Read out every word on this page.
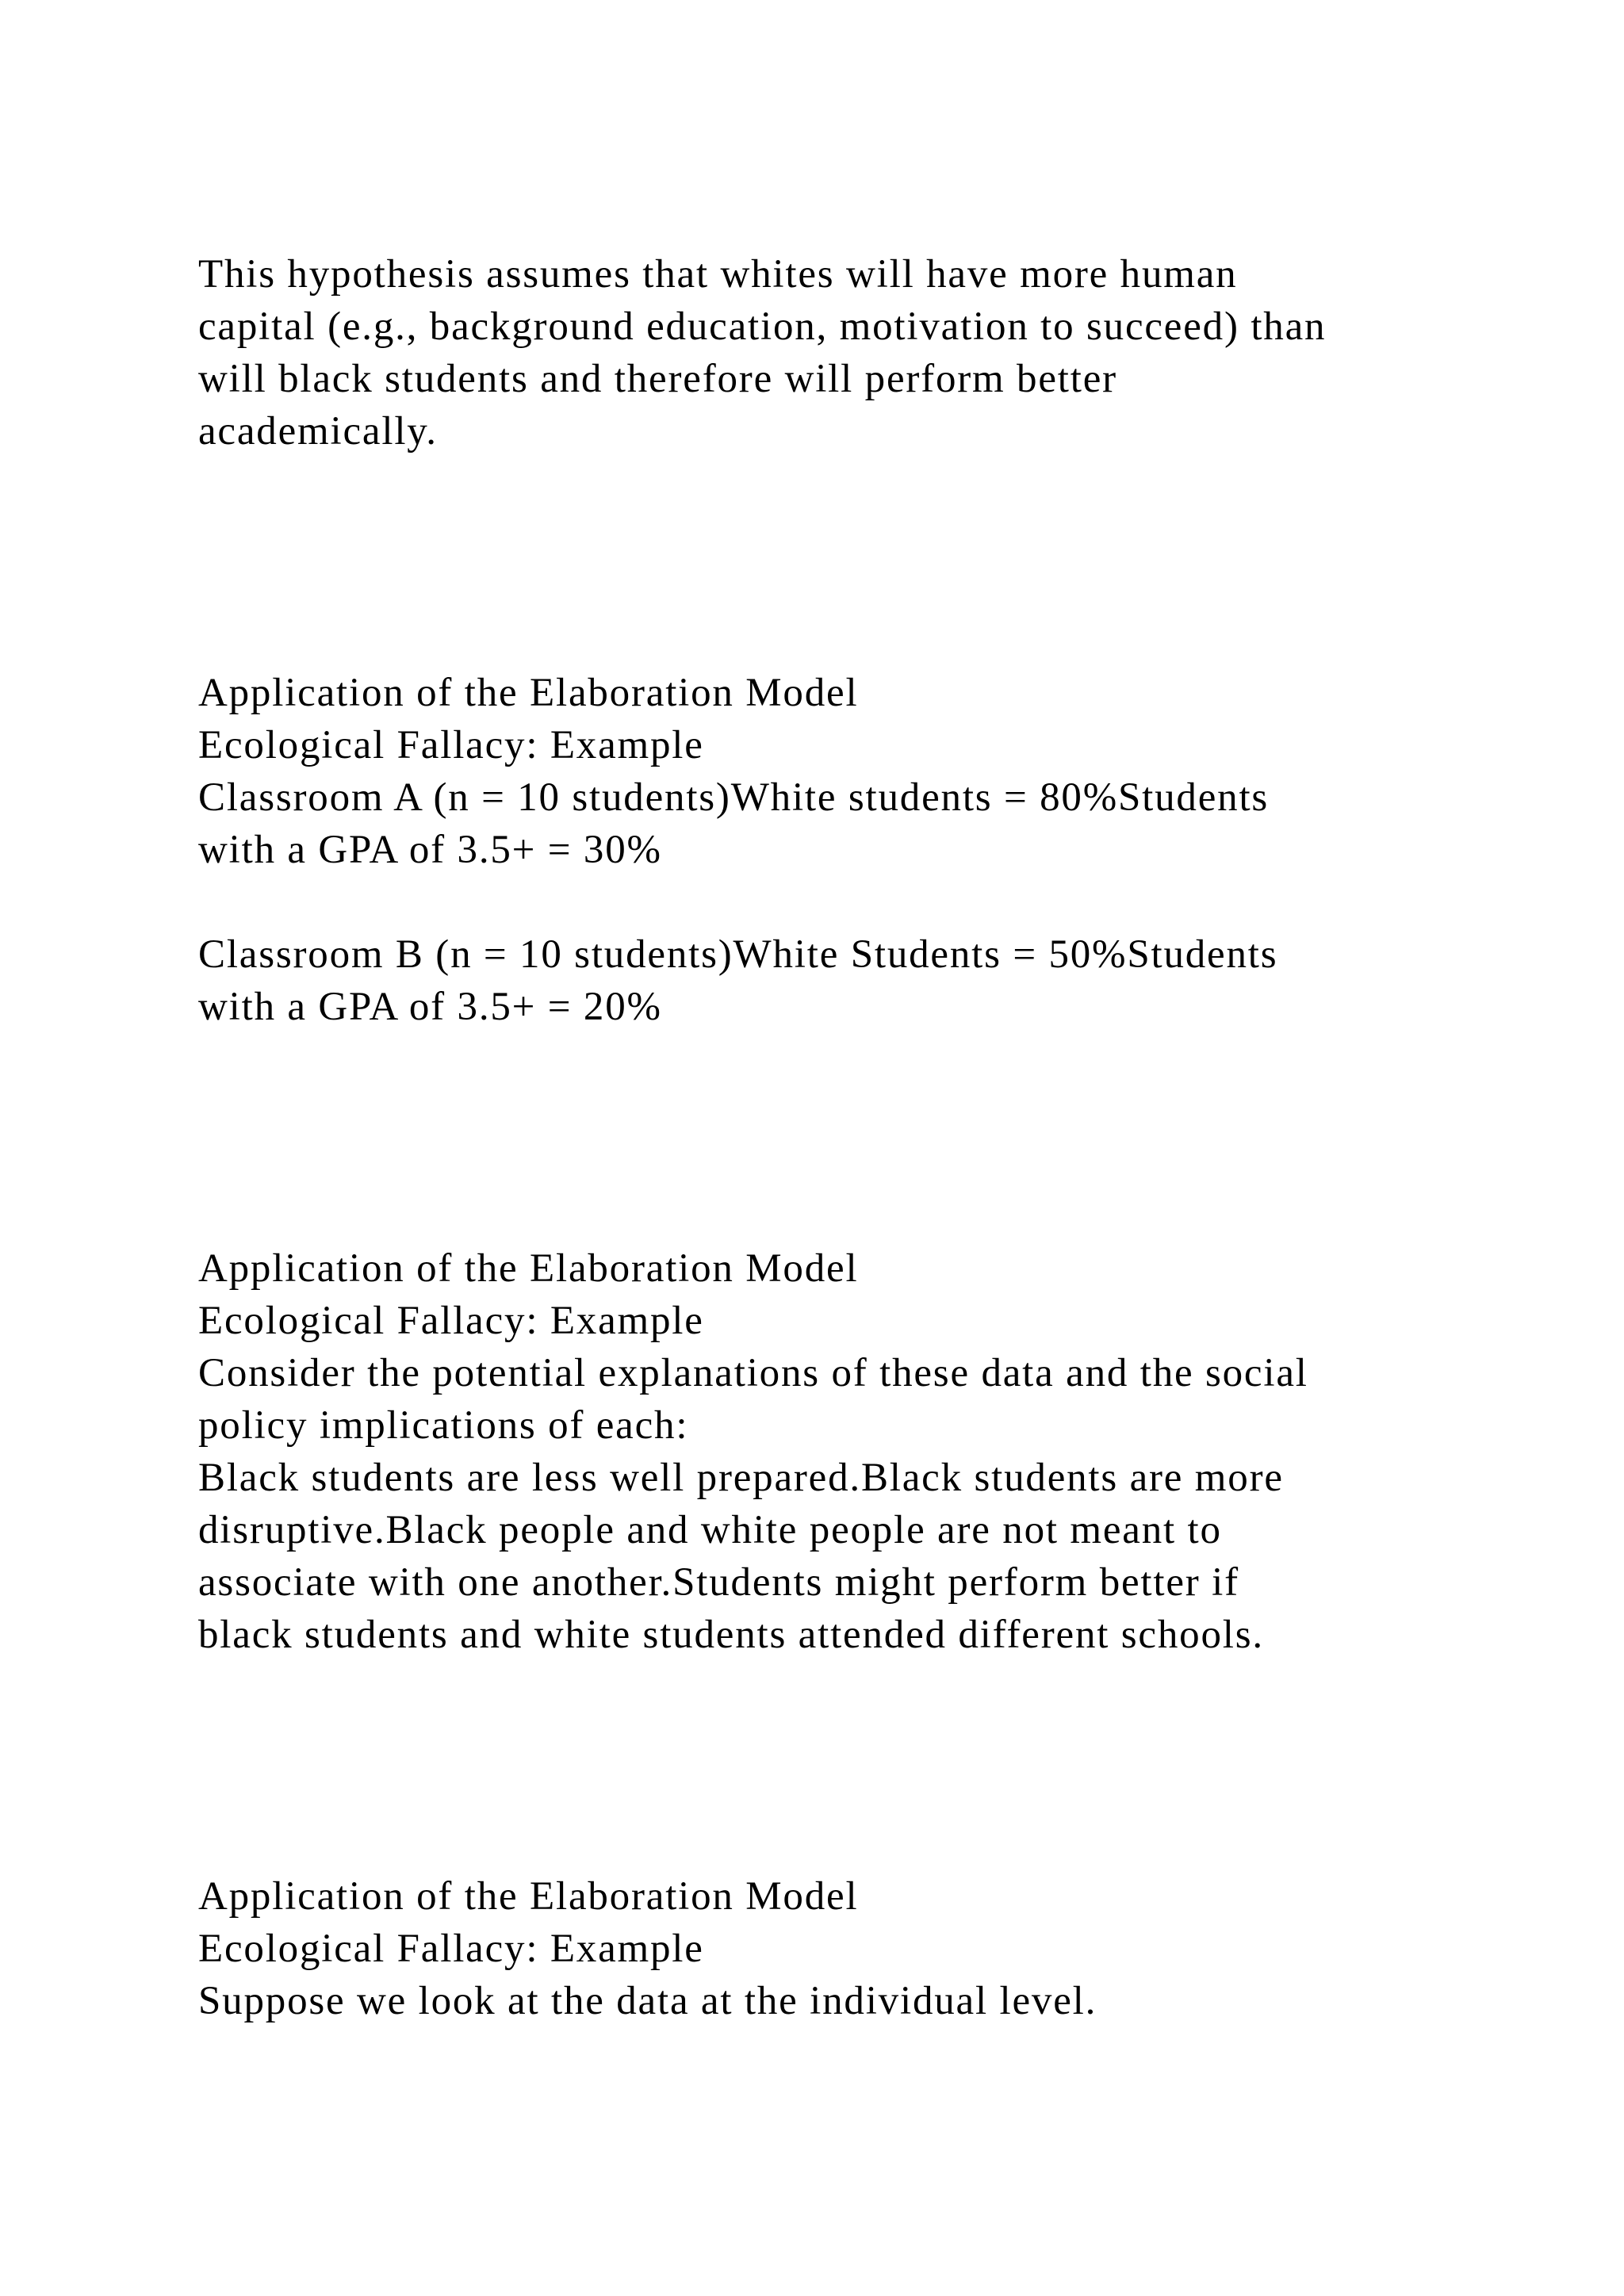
This hypothesis assumes that whites will have more human

capital (e.g., background education, motivation to succeed) than

will black students and therefore will perform better

academically.

Application of the Elaboration Model

Ecological Fallacy: Example

Classroom A (n = 10 students)White students = 80%Students

with a GPA of 3.5+ = 30%

Classroom B (n = 10 students)White Students = 50%Students

with a GPA of 3.5+ = 20%

Application of the Elaboration Model

Ecological Fallacy: Example

Consider the potential explanations of these data and the social

policy implications of each:

Black students are less well prepared.Black students are more

disruptive.Black people and white people are not meant to

associate with one another.Students might perform better if

black students and white students attended different schools.

Application of the Elaboration Model

Ecological Fallacy: Example

Suppose we look at the data at the individual level.
